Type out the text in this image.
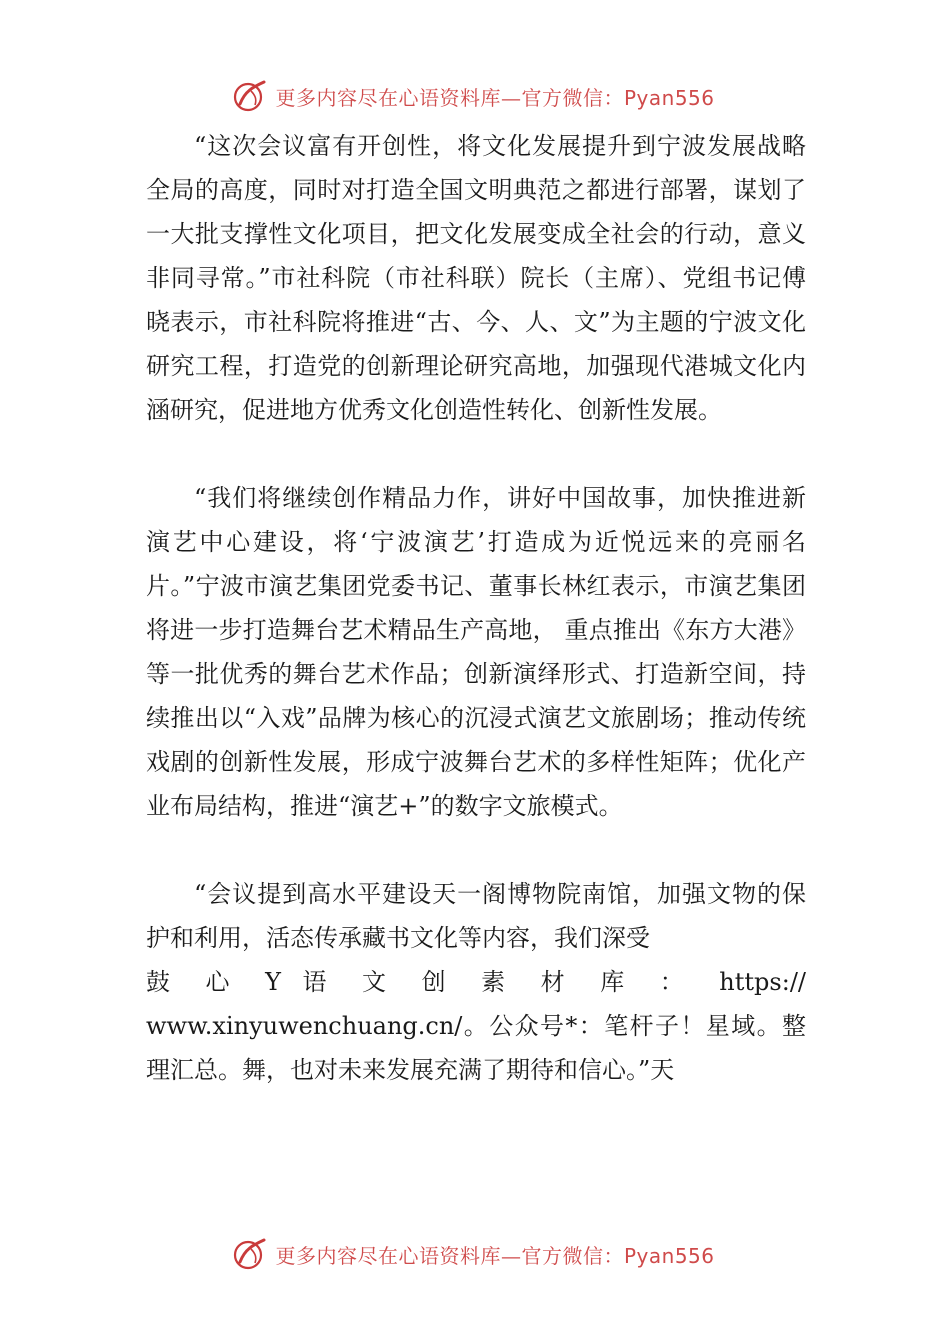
更多内容尽在心语资料库—官方微信：Pyan556

“这次会议富有开创性，将文化发展提升到宁波发展战略全局的高度，同时对打造全国文明典范之都进行部署，谋划了一大批支撑性文化项目，把文化发展变成全社会的行动，意义非同寻常。”市社科院（市社科联）院长（主席）、党组书记傅晓表示，市社科院将推进“古、今、人、文”为主题的宁波文化研究工程，打造党的创新理论研究高地，加强现代港城文化内涵研究，促进地方优秀文化创造性转化、创新性发展。

“我们将继续创作精品力作，讲好中国故事，加快推进新演艺中心建设，将‘宁波演艺’打造成为近悦远来的亮丽名片。”宁波市演艺集团党委书记、董事长林红表示，市演艺集团将进一步打造舞台艺术精品生产高地， 重点推出《东方大港》等一批优秀的舞台艺术作品；创新演绎形式、打造新空间，持续推出以“入戏”品牌为核心的沉浸式演艺文旅剧场；推动传统戏剧的创新性发展，形成宁波舞台艺术的多样性矩阵；优化产业布局结构，推进“演艺+”的数字文旅模式。

“会议提到高水平建设天一阁博物院南馆，加强文物的保护和利用，活态传承藏书文化等内容，我们深受

鼓 心 Y 语 文 创 素 材 库 ： https://

www.xinyuwenchuang.cn/。公众号*：笔杆子！星域。整理汇总。舞，也对未来发展充满了期待和信心。”天

更多内容尽在心语资料库—官方微信：Pyan556
